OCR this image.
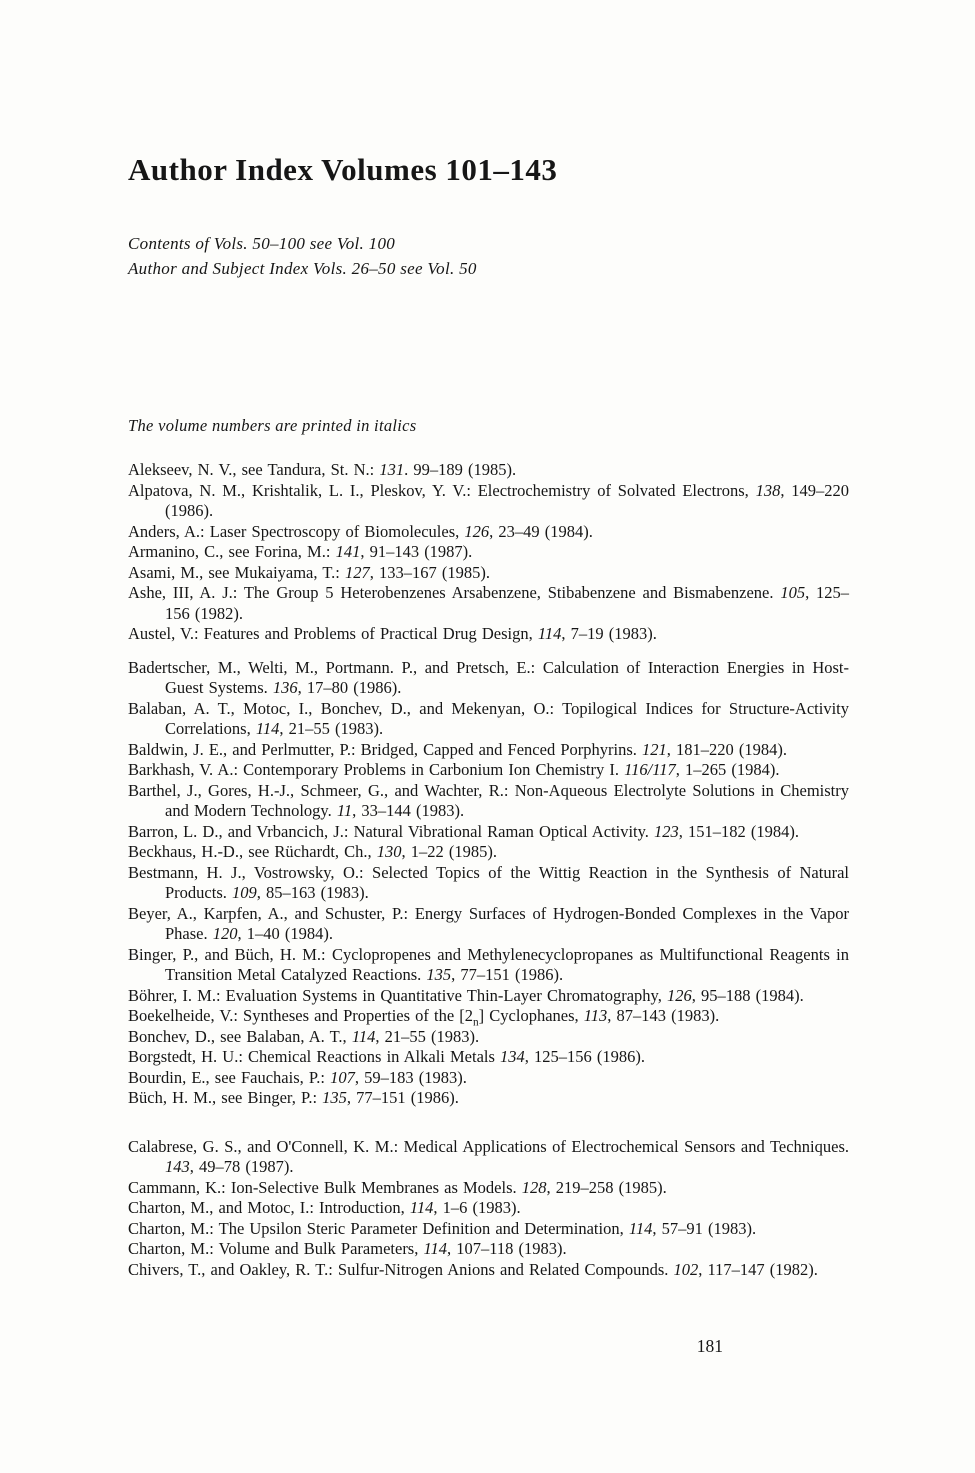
Author Index Volumes 101–143

Contents of Vols. 50–100 see Vol. 100

Author and Subject Index Vols. 26–50 see Vol. 50

The volume numbers are printed in italics

Alekseev, N. V., see Tandura, St. N.: 131. 99–189 (1985).

Alpatova, N. M., Krishtalik, L. I., Pleskov, Y. V.: Electrochemistry of Solvated Electrons, 138, 149–220 (1986).

Anders, A.: Laser Spectroscopy of Biomolecules, 126, 23–49 (1984).

Armanino, C., see Forina, M.: 141, 91–143 (1987).

Asami, M., see Mukaiyama, T.: 127, 133–167 (1985).

Ashe, III, A. J.: The Group 5 Heterobenzenes Arsabenzene, Stibabenzene and Bismabenzene. 105, 125–156 (1982).

Austel, V.: Features and Problems of Practical Drug Design, 114, 7–19 (1983).

Badertscher, M., Welti, M., Portmann. P., and Pretsch, E.: Calculation of Interaction Energies in Host-Guest Systems. 136, 17–80 (1986).

Balaban, A. T., Motoc, I., Bonchev, D., and Mekenyan, O.: Topilogical Indices for Structure-Activity Correlations, 114, 21–55 (1983).

Baldwin, J. E., and Perlmutter, P.: Bridged, Capped and Fenced Porphyrins. 121, 181–220 (1984).

Barkhash, V. A.: Contemporary Problems in Carbonium Ion Chemistry I. 116/117, 1–265 (1984).

Barthel, J., Gores, H.-J., Schmeer, G., and Wachter, R.: Non-Aqueous Electrolyte Solutions in Chemistry and Modern Technology. 11, 33–144 (1983).

Barron, L. D., and Vrbancich, J.: Natural Vibrational Raman Optical Activity. 123, 151–182 (1984).

Beckhaus, H.-D., see Rüchardt, Ch., 130, 1–22 (1985).

Bestmann, H. J., Vostrowsky, O.: Selected Topics of the Wittig Reaction in the Synthesis of Natural Products. 109, 85–163 (1983).

Beyer, A., Karpfen, A., and Schuster, P.: Energy Surfaces of Hydrogen-Bonded Complexes in the Vapor Phase. 120, 1–40 (1984).

Binger, P., and Büch, H. M.: Cyclopropenes and Methylenecyclopropanes as Multifunctional Reagents in Transition Metal Catalyzed Reactions. 135, 77–151 (1986).

Böhrer, I. M.: Evaluation Systems in Quantitative Thin-Layer Chromatography, 126, 95–188 (1984).

Boekelheide, V.: Syntheses and Properties of the $[2_n]$ Cyclophanes, 113, 87–143 (1983).

Bonchev, D., see Balaban, A. T., 114, 21–55 (1983).

Borgstedt, H. U.: Chemical Reactions in Alkali Metals 134, 125–156 (1986).

Bourdin, E., see Fauchais, P.: 107, 59–183 (1983).

Büch, H. M., see Binger, P.: 135, 77–151 (1986).

Calabrese, G. S., and O'Connell, K. M.: Medical Applications of Electrochemical Sensors and Techniques. 143, 49–78 (1987).

Cammann, K.: Ion-Selective Bulk Membranes as Models. 128, 219–258 (1985).

Charton, M., and Motoc, I.: Introduction, 114, 1–6 (1983).

Charton, M.: The Upsilon Steric Parameter Definition and Determination, 114, 57–91 (1983).

Charton, M.: Volume and Bulk Parameters, 114, 107–118 (1983).

Chivers, T., and Oakley, R. T.: Sulfur-Nitrogen Anions and Related Compounds. 102, 117–147 (1982).

181
